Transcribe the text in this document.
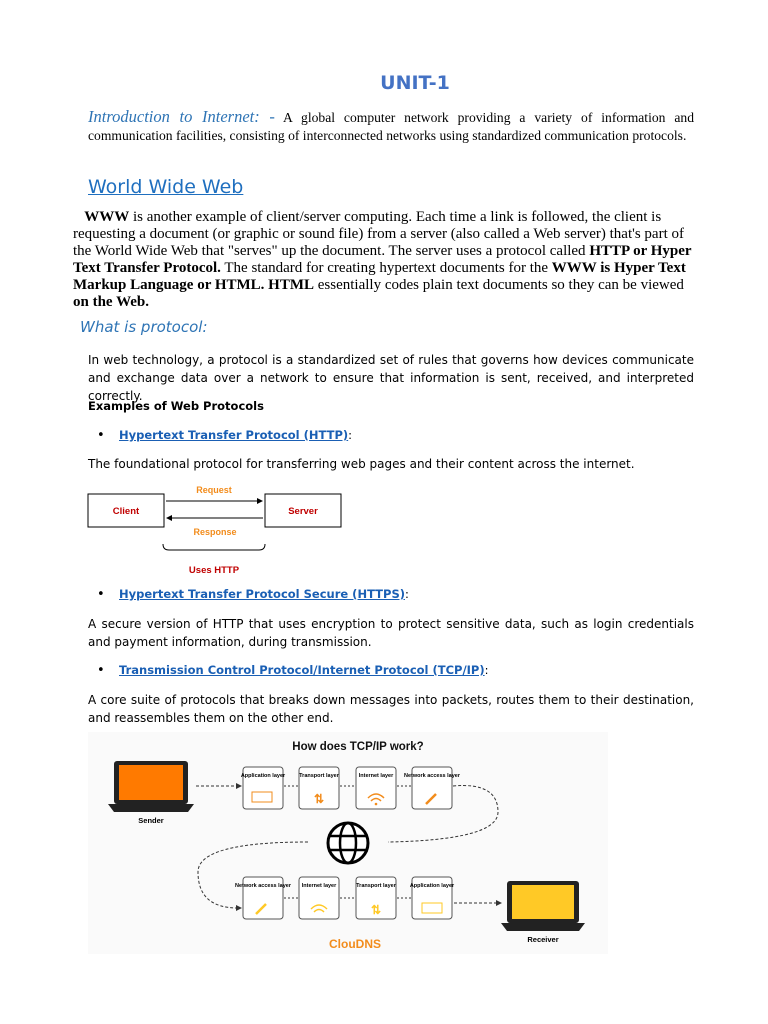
UNIT-1
Introduction to Internet: - A global computer network providing a variety of information and communication facilities, consisting of interconnected networks using standardized communication protocols.
World Wide Web
WWW is another example of client/server computing. Each time a link is followed, the client is requesting a document (or graphic or sound file) from a server (also called a Web server) that's part of the World Wide Web that "serves" up the document. The server uses a protocol called HTTP or Hyper Text Transfer Protocol. The standard for creating hypertext documents for the WWW is Hyper Text Markup Language or HTML. HTML essentially codes plain text documents so they can be viewed on the Web.
What is protocol:
In web technology, a protocol is a standardized set of rules that governs how devices communicate and exchange data over a network to ensure that information is sent, received, and interpreted correctly.
Examples of Web Protocols
• Hypertext Transfer Protocol (HTTP):
The foundational protocol for transferring web pages and their content across the internet.
Client	Server
Request
Response
Uses HTTP
• Hypertext Transfer Protocol Secure (HTTPS):
A secure version of HTTP that uses encryption to protect sensitive data, such as login credentials and payment information, during transmission.
• Transmission Control Protocol/Internet Protocol (TCP/IP):
A core suite of protocols that breaks down messages into packets, routes them to their destination, and reassembles them on the other end.
How does TCP/IP work?
Sender
Application layer	Transport layer
⇅
Internet layer Network access layer
Network access layer Internet layer	Transport layer
⇅
Application layer
Receiver
ClouDNS
